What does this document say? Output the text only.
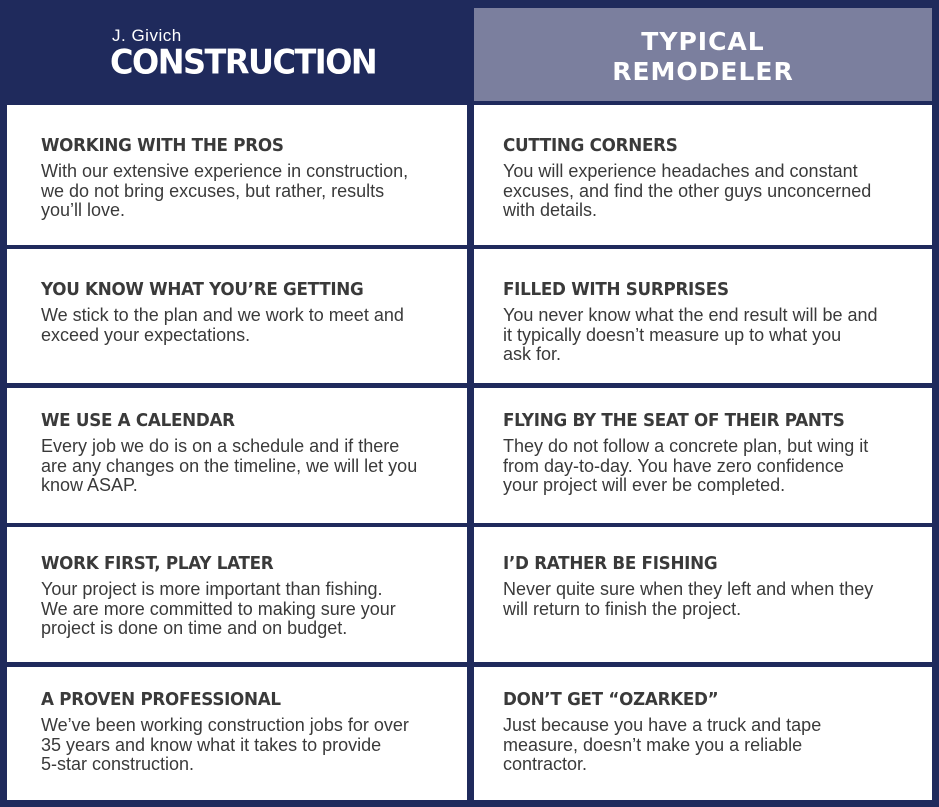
J. Givich
CONSTRUCTION
TYPICAL
REMODELER
WORKING WITH THE PROS
With our extensive experience in construction,
we do not bring excuses, but rather, results
you’ll love.
CUTTING CORNERS
You will experience headaches and constant
excuses, and find the other guys unconcerned
with details.
YOU KNOW WHAT YOU’RE GETTING
We stick to the plan and we work to meet and
exceed your expectations.
FILLED WITH SURPRISES
You never know what the end result will be and
it typically doesn’t measure up to what you
ask for.
WE USE A CALENDAR
Every job we do is on a schedule and if there
are any changes on the timeline, we will let you
know ASAP.
FLYING BY THE SEAT OF THEIR PANTS
They do not follow a concrete plan, but wing it
from day-to-day. You have zero confidence
your project will ever be completed.
WORK FIRST, PLAY LATER
Your project is more important than fishing.
We are more committed to making sure your
project is done on time and on budget.
I’D RATHER BE FISHING
Never quite sure when they left and when they
will return to finish the project.
A PROVEN PROFESSIONAL
We’ve been working construction jobs for over
35 years and know what it takes to provide
5-star construction.
DON’T GET “OZARKED”
Just because you have a truck and tape
measure, doesn’t make you a reliable
contractor.
